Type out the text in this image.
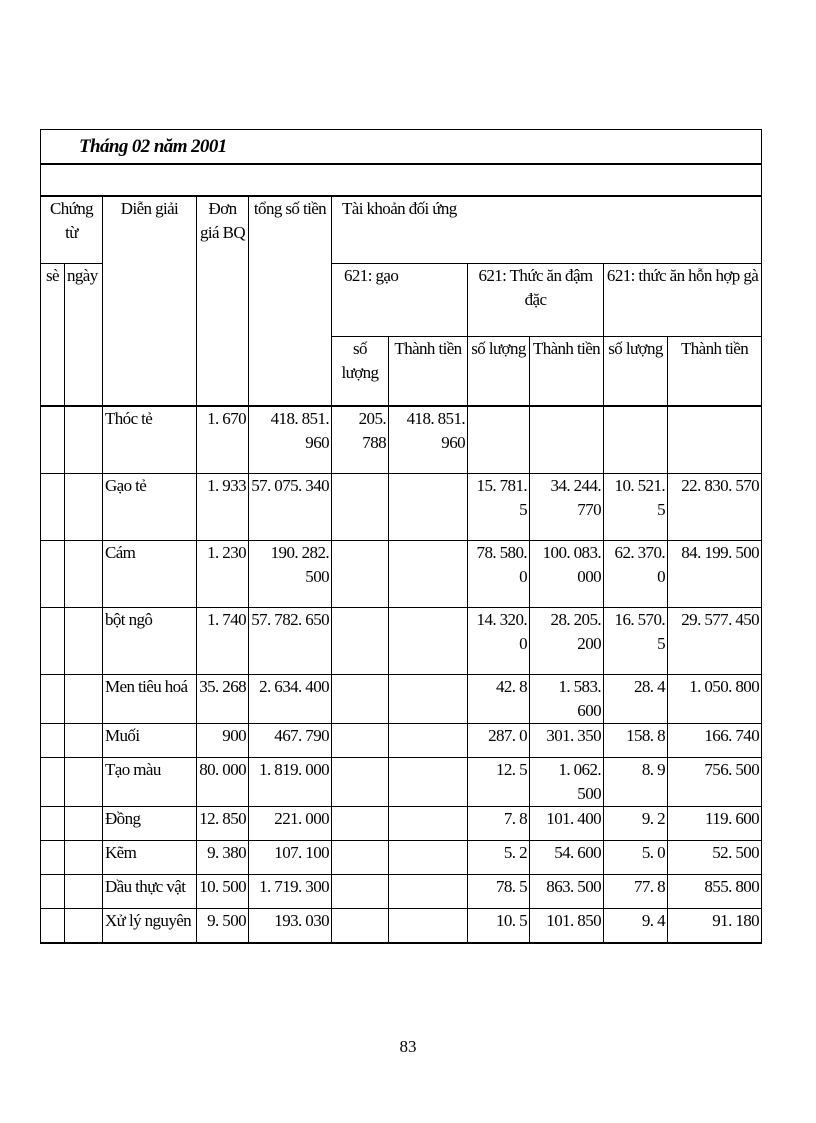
Tháng 02 năm 2001										

Chứng từ		Diễn giải	Đơn giá BQ	tổng số tiền	Tài khoản đối ứng					
sè	ngày				621: gạo		621: Thức ăn đậm đặc		621: thức ăn hỗn hợp gà	
					số lượng	Thành tiền	số lượng	Thành tiền	số lượng	Thành tiền
		Thóc tẻ	1. 670	418. 851. 960	205. 788	418. 851. 960				
		Gạo tẻ	1. 933	57. 075. 340			15. 781. 5	34. 244. 770	10. 521. 5	22. 830. 570
		Cám	1. 230	190. 282. 500			78. 580. 0	100. 083. 000	62. 370. 0	84. 199. 500
		bột ngô	1. 740	57. 782. 650			14. 320. 0	28. 205. 200	16. 570. 5	29. 577. 450
		Men tiêu hoá	35. 268	2. 634. 400			42. 8	1. 583. 600	28. 4	1. 050. 800
		Muối	900	467. 790			287. 0	301. 350	158. 8	166. 740
		Tạo màu	80. 000	1. 819. 000			12. 5	1. 062. 500	8. 9	756. 500
		Đồng	12. 850	221. 000			7. 8	101. 400	9. 2	119. 600
		Kẽm	9. 380	107. 100			5. 2	54. 600	5. 0	52. 500
		Dầu thực vật	10. 500	1. 719. 300			78. 5	863. 500	77. 8	855. 800
		Xử lý nguyên	9. 500	193. 030			10. 5	101. 850	9. 4	91. 180
83
